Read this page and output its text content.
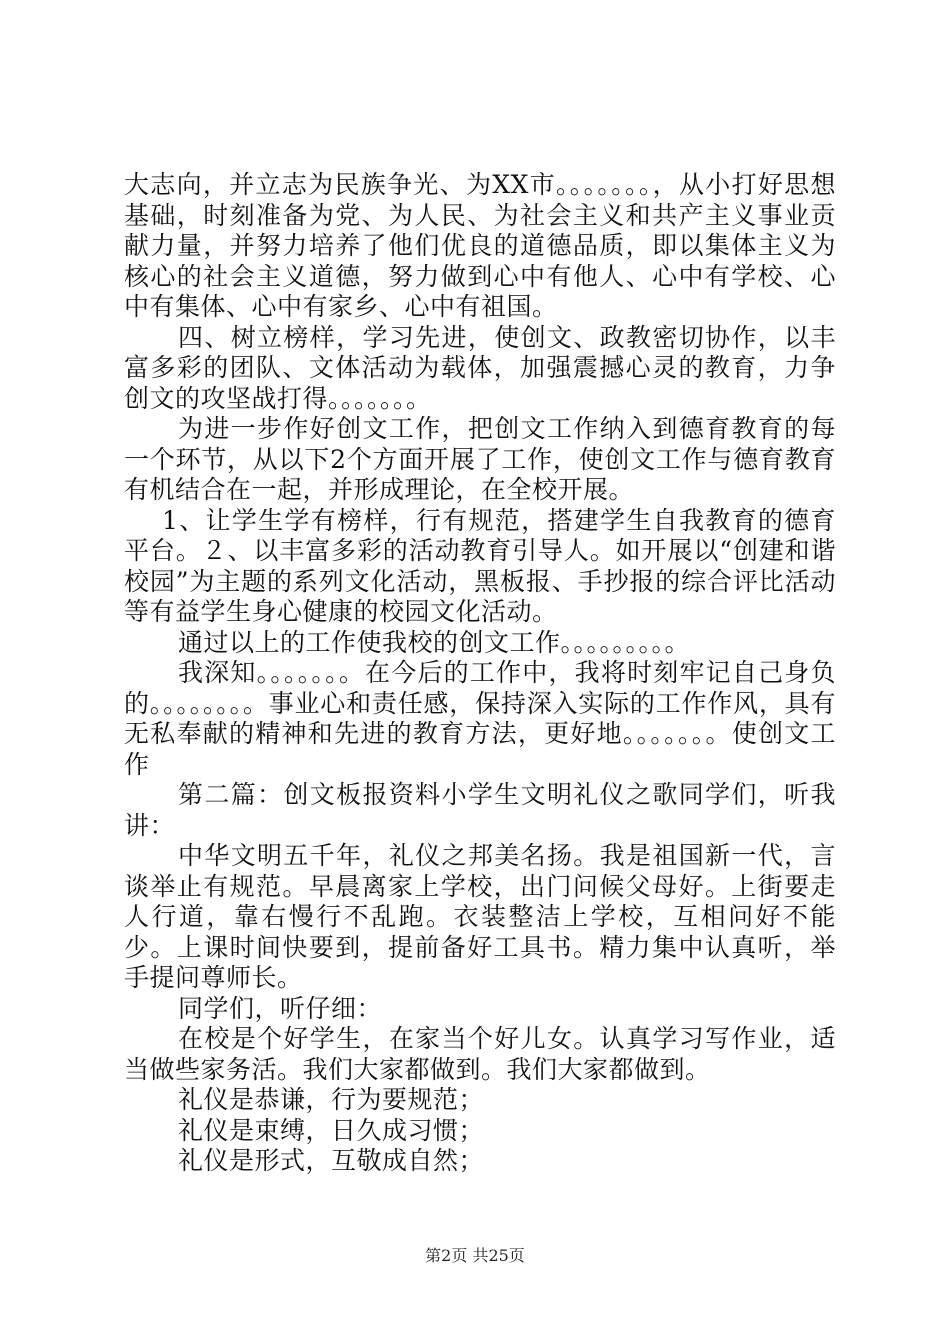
大志向，并立志为民族争光、为XX市。。。。。。。，从小打好思想基础，时刻准备为党、为人民、为社会主义和共产主义事业贡献力量，并努力培养了他们优良的道德品质，即以集体主义为核心的社会主义道德，努力做到心中有他人、心中有学校、心中有集体、心中有家乡、心中有祖国。

四、树立榜样，学习先进，使创文、政教密切协作，以丰富多彩的团队、文体活动为载体，加强震撼心灵的教育，力争创文的攻坚战打得。。。。。。。

为进一步作好创文工作，把创文工作纳入到德育教育的每一个环节，从以下2个方面开展了工作，使创文工作与德育教育有机结合在一起，并形成理论，在全校开展。

1、让学生学有榜样，行有规范，搭建学生自我教育的德育平台。２、以丰富多彩的活动教育引导人。如开展以“创建和谐校园”为主题的系列文化活动，黑板报、手抄报的综合评比活动等有益学生身心健康的校园文化活动。

通过以上的工作使我校的创文工作。。。。。。。。。

我深知。。。。。。。在今后的工作中，我将时刻牢记自己身负的。。。。。。。。事业心和责任感，保持深入实际的工作作风，具有无私奉献的精神和先进的教育方法，更好地。。。。。。。使创文工作

第二篇：创文板报资料小学生文明礼仪之歌同学们，听我讲：

中华文明五千年，礼仪之邦美名扬。我是祖国新一代，言谈举止有规范。早晨离家上学校，出门问候父母好。上街要走人行道，靠右慢行不乱跑。衣装整洁上学校，互相问好不能少。上课时间快要到，提前备好工具书。精力集中认真听，举手提问尊师长。

同学们，听仔细：

在校是个好学生，在家当个好儿女。认真学习写作业，适当做些家务活。我们大家都做到。我们大家都做到。

礼仪是恭谦，行为要规范；

礼仪是束缚，日久成习惯；

礼仪是形式，互敬成自然；

第2页 共25页
